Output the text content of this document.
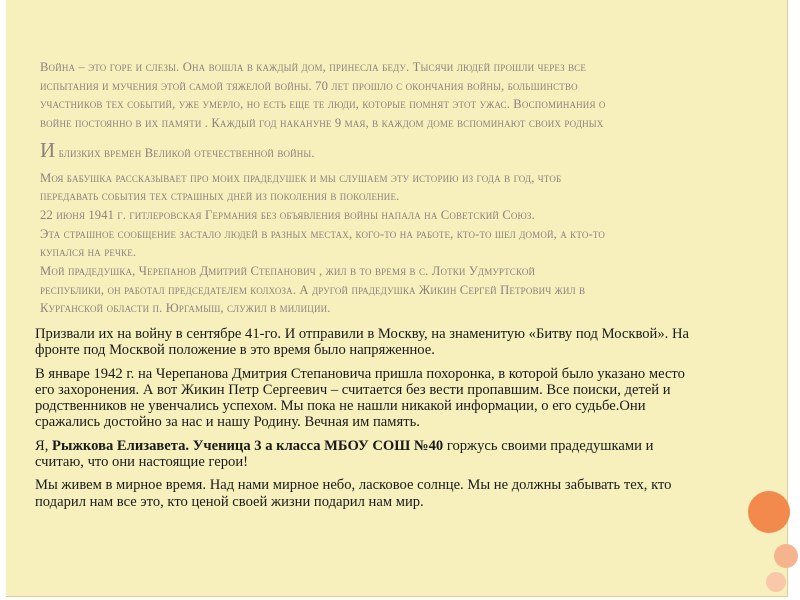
Война – это горе и слезы. Она вошла в каждый дом, принесла беду. Тысячи людей прошли через все
испытания и мучения этой самой тяжелой войны. 70 лет прошло с окончания войны, большинство
участников тех событий, уже умерло, но есть еще те люди, которые помнят этот ужас. Воспоминания о
войне постоянно в их памяти . Каждый год накануне 9 мая, в каждом доме вспоминают своих родных

И близких времен Великой отечественной войны.

Моя бабушка рассказывает про моих прадедушек и мы слушаем эту историю из года в год, чтоб
передавать события тех страшных дней из поколения в поколение.

22 июня 1941 г. гитлеровская Германия без объявления войны напала на Советский Союз.

Эта страшное сообщение застало людей в разных местах, кого-то на работе, кто-то шел домой, а кто-то
купался на речке.

Мой прадедушка, Черепанов Дмитрий Степанович , жил в то время в с. Лотки Удмуртской
республики, он работал председателем колхоза. А другой прадедушка Жикин Сергей Петрович жил в
Курганской области п. Юргамыш, служил в милиции.

Призвали их на войну в сентябре 41-го. И отправили в Москву, на знаменитую «Битву под Москвой». На фронте под Москвой положение в это время было напряженное.

В январе 1942 г. на Черепанова Дмитрия Степановича пришла похоронка, в которой было указано место его захоронения. А вот Жикин Петр Сергеевич – считается без вести пропавшим. Все поиски, детей и родственников не увенчались успехом. Мы пока не нашли никакой информации, о его судьбе.Они сражались достойно за нас и нашу Родину. Вечная им память.

Я, Рыжкова Елизавета. Ученица 3 а класса МБОУ СОШ №40 горжусь своими прадедушками и считаю, что они настоящие герои!

Мы живем в мирное время. Над нами мирное небо, ласковое солнце. Мы не должны забывать тех, кто подарил нам все это, кто ценой своей жизни подарил нам мир.
